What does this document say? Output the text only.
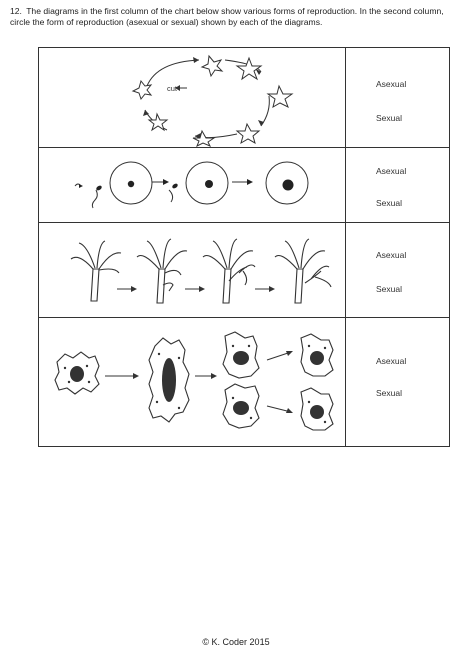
12. The diagrams in the first column of the chart below show various forms of reproduction. In the second column, circle the form of reproduction (asexual or sexual) shown by each of the diagrams.
cut	Asexual
Sexual

Asexual
Sexual

Asexual
Sexual

Asexual
Sexual
© K. Coder 2015
